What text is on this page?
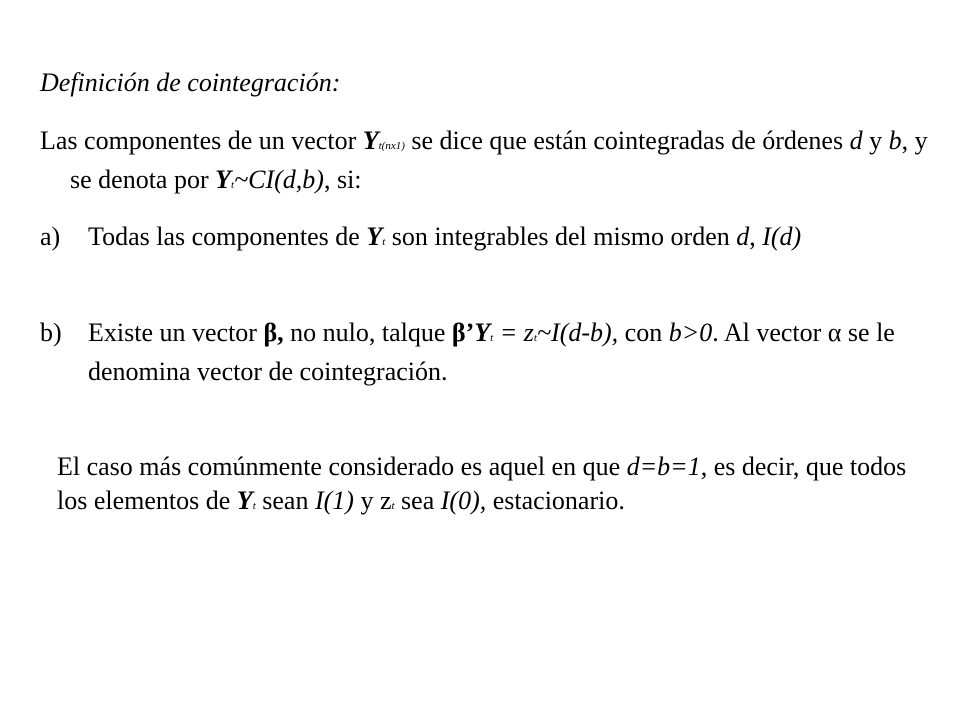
Definición de cointegración:
Las componentes de un vector Yt(nx1) se dice que están cointegradas de órdenes d y b, y se denota por Yt~CI(d,b), si:
a) Todas las componentes de Yt son integrables del mismo orden d, I(d)
b) Existe un vector β, no nulo, talque β’Yt = zt~I(d-b), con b>0. Al vector α se le denomina vector de cointegración.
El caso más comúnmente considerado es aquel en que d=b=1, es decir, que todos los elementos de Yt sean I(1) y zt sea I(0), estacionario.
